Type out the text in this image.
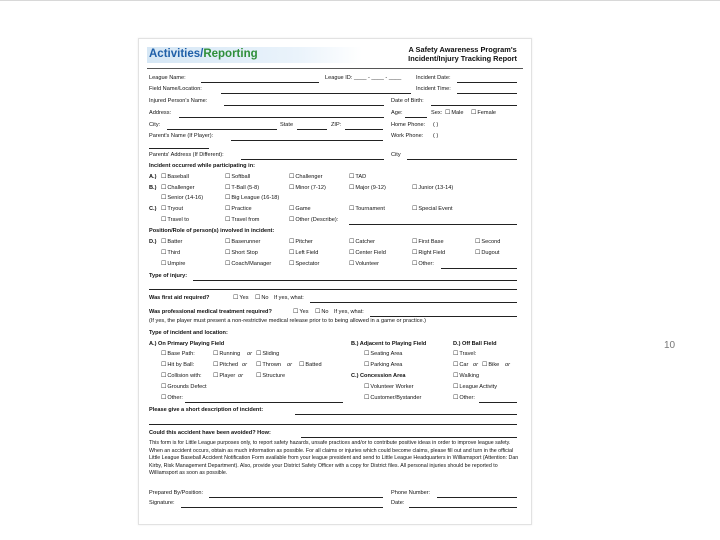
Activities/Reporting	A Safety Awareness Program's
Incident/Injury Tracking Report
League Name:	League ID: ____ - ____ - ____	Incident Date:
Field Name/Location:	Incident Time:
Injured Person's Name:	Date of Birth:
Address:	Age:	Sex:	☐ Male	☐ Female
City:	State	ZIP:	Home Phone: ( )
Parent's Name (If Player):	Work Phone: ( )
Parents' Address (If Different):	City
Incident occurred while participating in:
A.)	☐ Baseball	☐ Softball	☐ Challenger	☐ TAD
B.)	☐ Challenger	☐ T-Ball (5-8)	☐ Minor (7-12)	☐ Major (9-12)	☐ Junior (13-14)
☐ Senior (14-16)	☐ Big League (16-18)
C.)	☐ Tryout	☐ Practice	☐ Game	☐ Tournament	☐ Special Event
☐ Travel to	☐ Travel from	☐ Other (Describe):
Position/Role of person(s) involved in incident:
D.)	☐ Batter	☐ Baserunner	☐ Pitcher	☐ Catcher	☐ First Base	☐ Second
☐ Third	☐ Short Stop	☐ Left Field	☐ Center Field	☐ Right Field	☐ Dugout
☐ Umpire	☐ Coach/Manager	☐ Spectator	☐ Volunteer	☐ Other:
Type of injury:
Was first aid required?	☐ Yes	☐ No If yes, what:
Was professional medical treatment required?	☐ Yes	☐ No If yes, what:
(If yes, the player must present a non-restrictive medical release prior to to being allowed in a game or practice.)
Type of incident and location:
A.) On Primary Playing Field	B.) Adjacent to Playing Field	D.) Off Ball Field
☐ Base Path:	☐ Running or	☐ Sliding	☐ Seating Area	☐ Travel:
☐ Hit by Ball:	☐ Pitched or	☐ Thrown or	☐ Batted	☐ Parking Area	☐ Car or	☐ Bike or
☐ Collision with:	☐ Player or	☐ Structure	C.) Concession Area	☐ Walking
☐ Grounds Defect	☐ Volunteer Worker	☐ League Activity
☐ Other:	☐ Customer/Bystander	☐ Other:
Please give a short description of incident:
Could this accident have been avoided? How:
This form is for Little League purposes only, to report safety hazards, unsafe practices and/or to contribute positive ideas in order to improve league safety. When an accident occurs, obtain as much information as possible. For all claims or injuries which could become claims, please fill out and turn in the official Little League Baseball Accident Notification Form available from your league president and send to Little League Headquarters in Williamsport (Attention: Dan Kirby, Risk Management Department). Also, provide your District Safety Officer with a copy for District files. All personal injuries should be reported to Williamsport as soon as possible.
Prepared By/Position:	Phone Number:
Signature:	Date:
10
